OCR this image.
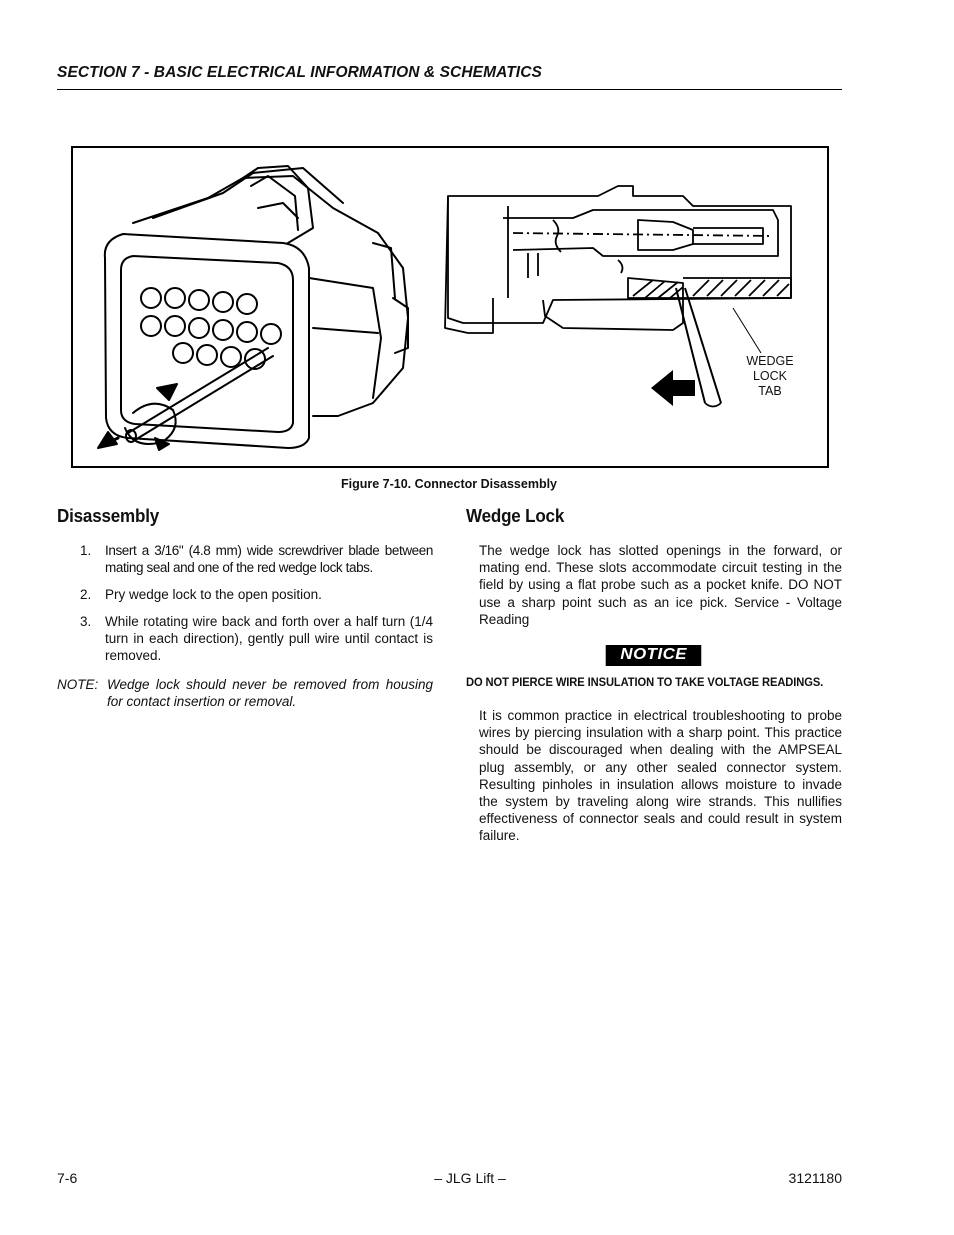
SECTION 7 - BASIC ELECTRICAL INFORMATION & SCHEMATICS
WEDGE
LOCK
TAB
Figure 7-10. Connector Disassembly
Disassembly
1. Insert a 3/16" (4.8 mm) wide screwdriver blade between mating seal and one of the red wedge lock tabs.
2. Pry wedge lock to the open position.
3. While rotating wire back and forth over a half turn (1/4 turn in each direction), gently pull wire until contact is removed.
NOTE: Wedge lock should never be removed from housing for contact insertion or removal.
Wedge Lock

The wedge lock has slotted openings in the forward, or mating end. These slots accommodate circuit testing in the field by using a flat probe such as a pocket knife. DO NOT use a sharp point such as an ice pick. Service - Voltage Reading

NOTICE
DO NOT PIERCE WIRE INSULATION TO TAKE VOLTAGE READINGS.

It is common practice in electrical troubleshooting to probe wires by piercing insulation with a sharp point. This practice should be discouraged when dealing with the AMPSEAL plug assembly, or any other sealed connector system. Resulting pinholes in insulation allows moisture to invade the system by traveling along wire strands. This nullifies effectiveness of connector seals and could result in system failure.

7-6	– JLG Lift –	3121180
